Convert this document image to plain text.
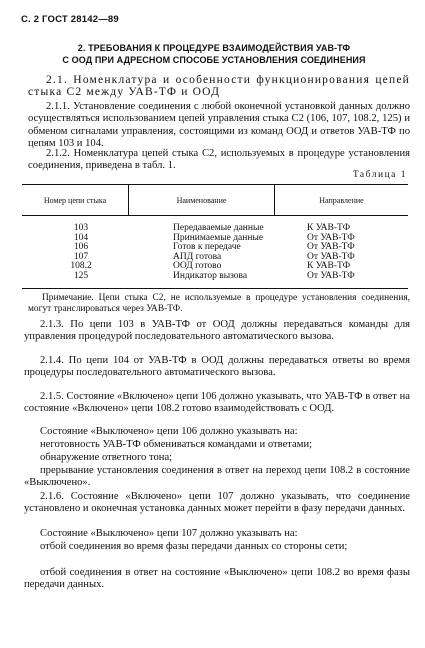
С. 2 ГОСТ 28142—89
2. ТРЕБОВАНИЯ К ПРОЦЕДУРЕ ВЗАИМОДЕЙСТВИЯ УАВ-ТФ
С ООД ПРИ АДРЕСНОМ СПОСОБЕ УСТАНОВЛЕНИЯ СОЕДИНЕНИЯ
2.1. Номенклатура и особенности функционирования цепей стыка С2 между УАВ-ТФ и ООД
2.1.1. Установление соединения с любой оконечной установкой данных должно осуществляться использованием цепей управления стыка С2 (106, 107, 108.2, 125) и обменом сигналами управления, состоящими из команд ООД и ответов УАВ-ТФ по цепям 103 и 104.
2.1.2. Номенклатура цепей стыка С2, используемых в процедуре установления соединения, приведена в табл. 1.
Таблица 1
Номер цепи стыка	Наименование	Направление
103
104
106
107
108.2
125
Передаваемые данные
Принимаемые данные
Готов к передаче
АПД готова
ООД готово
Индикатор вызова
К УАВ-ТФ
От УАВ-ТФ
От УАВ-ТФ
От УАВ-ТФ
К УАВ-ТФ
От УАВ-ТФ
Примечание. Цепи стыка С2, не используемые в процедуре установления соединения, могут транслироваться через УАВ-ТФ.
2.1.3. По цепи 103 в УАВ-ТФ от ООД должны передаваться команды для управления процедурой последовательного автоматического вызова.
2.1.4. По цепи 104 от УАВ-ТФ в ООД должны передаваться ответы во время процедуры последовательного автоматического вызова.
2.1.5. Состояние «Включено» цепи 106 должно указывать, что УАВ-ТФ в ответ на состояние «Включено» цепи 108.2 готово взаимодействовать с ООД.
Состояние «Выключено» цепи 106 должно указывать на:
неготовность УАВ-ТФ обмениваться командами и ответами;
обнаружение ответного тона;
прерывание установления соединения в ответ на переход цепи 108.2 в состояние «Выключено».
2.1.6. Состояние «Включено» цепи 107 должно указывать, что соединение установлено и оконечная установка данных может перейти в фазу передачи данных.
Состояние «Выключено» цепи 107 должно указывать на:
отбой соединения во время фазы передачи данных со стороны сети;
отбой соединения в ответ на состояние «Выключено» цепи 108.2 во время фазы передачи данных.
